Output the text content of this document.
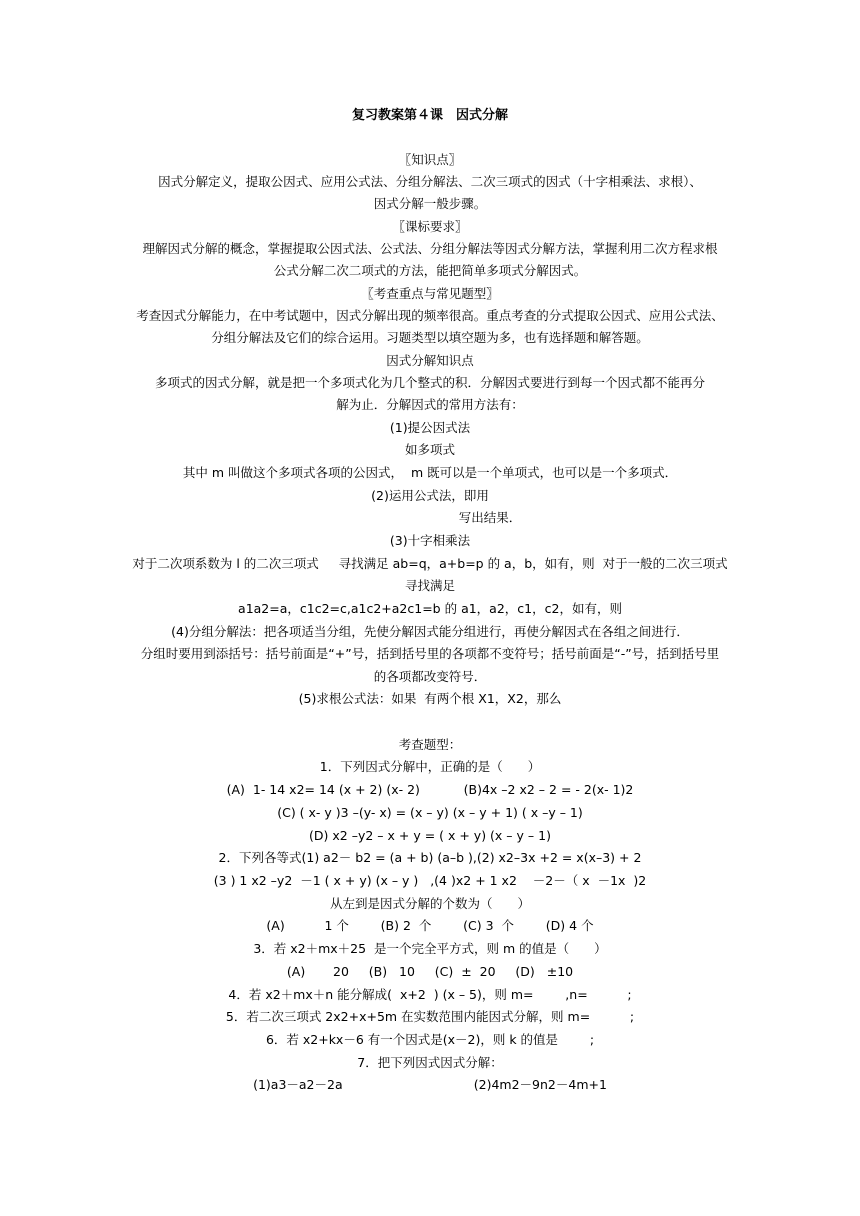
复习教案第４课　因式分解
〖知识点〗
因式分解定义，提取公因式、应用公式法、分组分解法、二次三项式的因式（十字相乘法、求根）、
因式分解一般步骤。
〖课标要求〗
理解因式分解的概念，掌握提取公因式法、公式法、分组分解法等因式分解方法，掌握利用二次方程求根
公式分解二次二项式的方法，能把简单多项式分解因式。
〖考查重点与常见题型〗
考查因式分解能力，在中考试题中，因式分解出现的频率很高。重点考查的分式提取公因式、应用公式法、
分组分解法及它们的综合运用。习题类型以填空题为多，也有选择题和解答题。
因式分解知识点
多项式的因式分解，就是把一个多项式化为几个整式的积．分解因式要进行到每一个因式都不能再分
解为止．分解因式的常用方法有：
(1)提公因式法
如多项式
其中 m 叫做这个多项式各项的公因式，  m 既可以是一个单项式，也可以是一个多项式．
(2)运用公式法，即用
写出结果．
(3)十字相乘法
对于二次项系数为 l 的二次三项式     寻找满足 ab=q，a+b=p 的 a，b，如有，则  对于一般的二次三项式
寻找满足
a1a2=a，c1c2=c,a1c2+a2c1=b 的 a1，a2，c1，c2，如有，则
(4)分组分解法：把各项适当分组，先使分解因式能分组进行，再使分解因式在各组之间进行．
分组时要用到添括号：括号前面是“+”号，括到括号里的各项都不变符号；括号前面是“-”号，括到括号里
的各项都改变符号．
(5)求根公式法：如果  有两个根 X1，X2，那么
考查题型：
1．下列因式分解中，正确的是（　　）
(A)  1- 14 x2= 14 (x + 2) (x- 2)           (B)4x –2 x2 – 2 = - 2(x- 1)2
(C) ( x- y )3 –(y- x) = (x – y) (x – y + 1) ( x –y – 1)
(D) x2 –y2 – x + y = ( x + y) (x – y – 1)
2．下列各等式(1) a2－ b2 = (a + b) (a–b ),(2) x2–3x +2 = x(x–3) + 2
(3 ) 1 x2 –y2  －1 ( x + y) (x – y )   ,(4 )x2 + 1 x2    －2－（ x  －1x  )2
从左到是因式分解的个数为（　　）
(A)          1 个        (B) 2  个        (C) 3  个        (D) 4 个
3．若 x2＋mx＋25  是一个完全平方式，则 m 的值是（　　）
(A)       20     (B)   10     (C)  ±  20     (D)   ±10
4．若 x2＋mx＋n 能分解成(  x+2  ) (x – 5)，则 m=        ,n=          ;
5．若二次三项式 2x2+x+5m 在实数范围内能因式分解，则 m=          ;
6．若 x2+kx－6 有一个因式是(x－2)，则 k 的值是        ;
7．把下列因式因式分解：
(1)a3－a2－2a                                 (2)4m2－9n2－4m+1
